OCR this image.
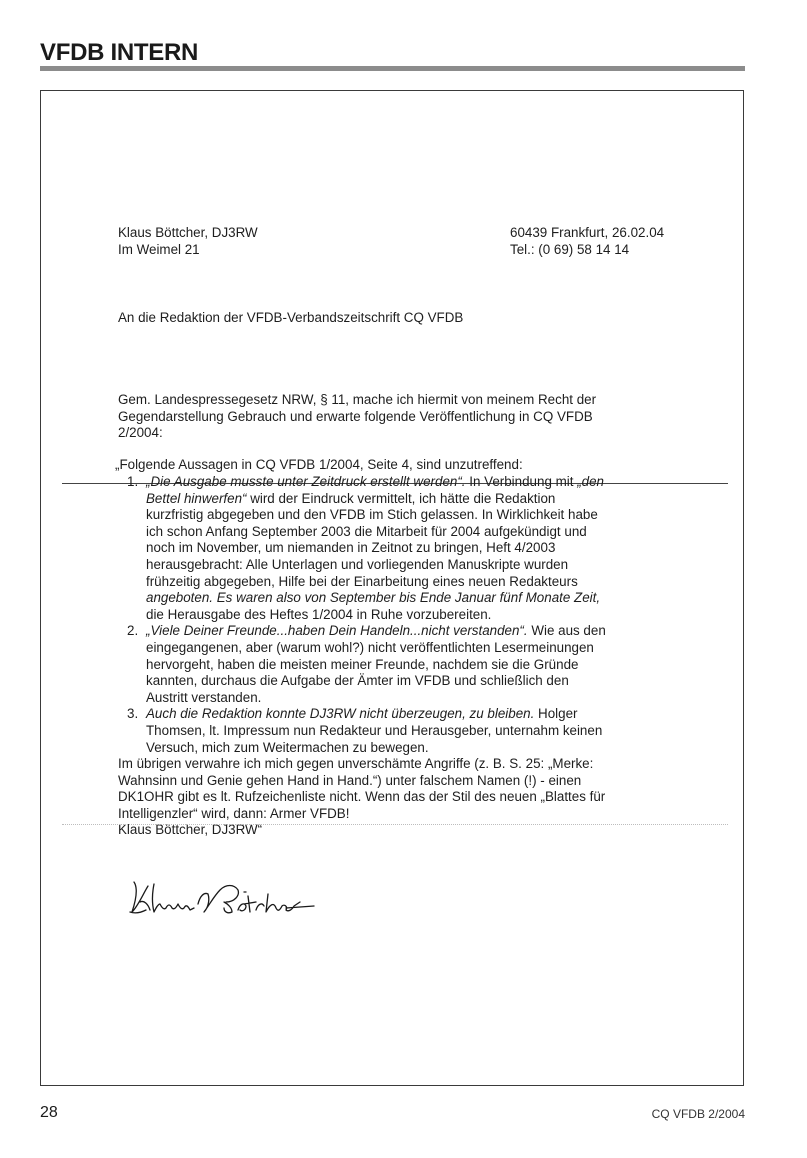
VFDB INTERN
Klaus Böttcher, DJ3RW
Im Weimel 21
60439 Frankfurt, 26.02.04
Tel.: (0 69) 58 14 14
An die Redaktion der VFDB-Verbandszeitschrift CQ VFDB
Gem. Landespressegesetz NRW, § 11, mache ich hiermit von meinem Recht der
Gegendarstellung Gebrauch und erwarte folgende Veröffentlichung in CQ VFDB
2/2004:
„Folgende Aussagen in CQ VFDB 1/2004, Seite 4, sind unzutreffend:
1. „Die Ausgabe musste unter Zeitdruck erstellt werden“. In Verbindung mit „den
Bettel hinwerfen“ wird der Eindruck vermittelt, ich hätte die Redaktion
kurzfristig abgegeben und den VFDB im Stich gelassen. In Wirklichkeit habe
ich schon Anfang September 2003 die Mitarbeit für 2004 aufgekündigt und
noch im November, um niemanden in Zeitnot zu bringen, Heft 4/2003
herausgebracht: Alle Unterlagen und vorliegenden Manuskripte wurden
frühzeitig abgegeben, Hilfe bei der Einarbeitung eines neuen Redakteurs
angeboten. Es waren also von September bis Ende Januar fünf Monate Zeit,
die Herausgabe des Heftes 1/2004 in Ruhe vorzubereiten.
2. „Viele Deiner Freunde...haben Dein Handeln...nicht verstanden“. Wie aus den
eingegangenen, aber (warum wohl?) nicht veröffentlichten Lesermeinungen
hervorgeht, haben die meisten meiner Freunde, nachdem sie die Gründe
kannten, durchaus die Aufgabe der Ämter im VFDB und schließlich den
Austritt verstanden.
3. Auch die Redaktion konnte DJ3RW nicht überzeugen, zu bleiben. Holger
Thomsen, lt. Impressum nun Redakteur und Herausgeber, unternahm keinen
Versuch, mich zum Weitermachen zu bewegen.
Im übrigen verwahre ich mich gegen unverschämte Angriffe (z. B. S. 25: „Merke:
Wahnsinn und Genie gehen Hand in Hand.“) unter falschem Namen (!) - einen
DK1OHR gibt es lt. Rufzeichenliste nicht. Wenn das der Stil des neuen „Blattes für
Intelligenzler“ wird, dann: Armer VFDB!
Klaus Böttcher, DJ3RW“
28	CQ VFDB 2/2004
